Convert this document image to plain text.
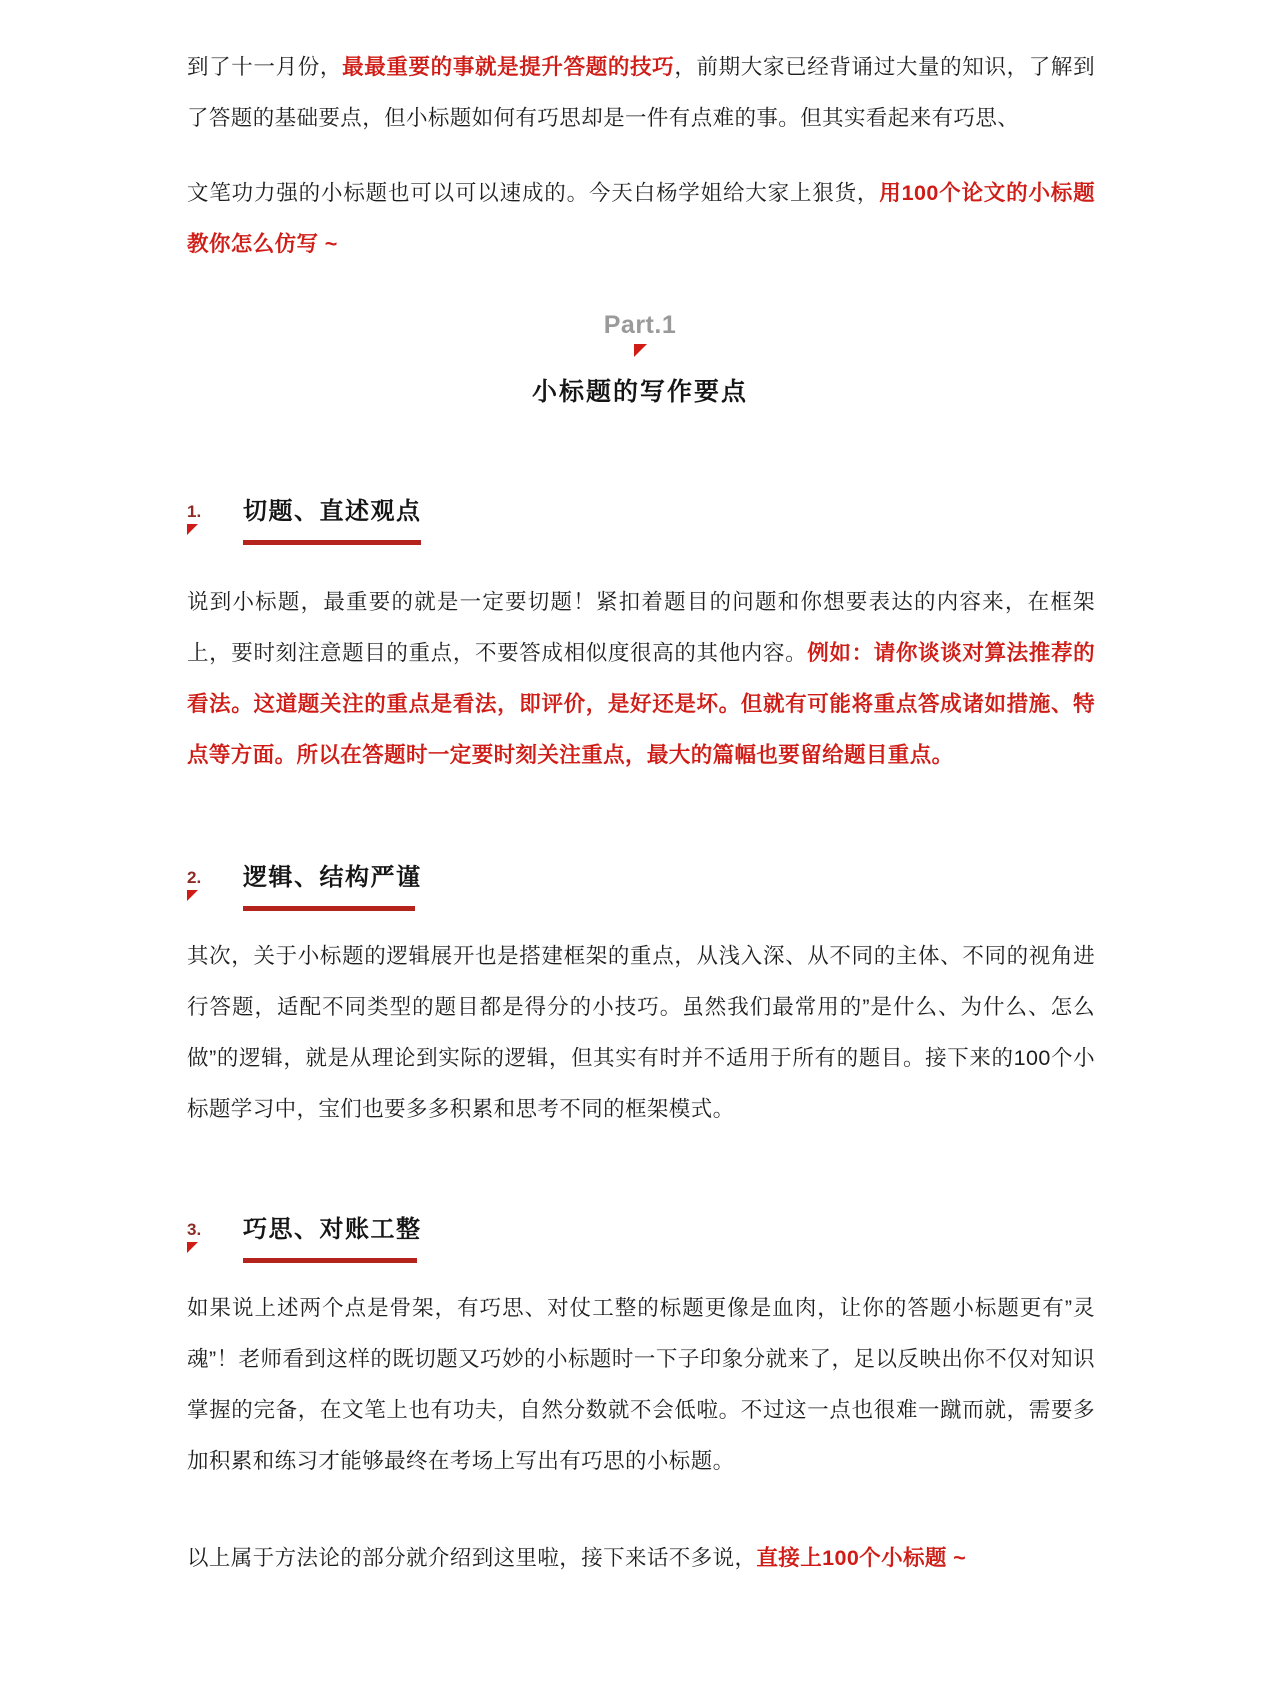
到了十一月份，最最重要的事就是提升答题的技巧，前期大家已经背诵过大量的知识，了解到了答题的基础要点，但小标题如何有巧思却是一件有点难的事。但其实看起来有巧思、

文笔功力强的小标题也可以可以速成的。今天白杨学姐给大家上狠货，用100个论文的小标题教你怎么仿写 ~

Part.1
小标题的写作要点
1.	切题、直述观点

说到小标题，最重要的就是一定要切题！紧扣着题目的问题和你想要表达的内容来，在框架上，要时刻注意题目的重点，不要答成相似度很高的其他内容。例如：请你谈谈对算法推荐的看法。这道题关注的重点是看法，即评价，是好还是坏。但就有可能将重点答成诸如措施、特点等方面。所以在答题时一定要时刻关注重点，最大的篇幅也要留给题目重点。

2.	逻辑、结构严谨

其次，关于小标题的逻辑展开也是搭建框架的重点，从浅入深、从不同的主体、不同的视角进行答题，适配不同类型的题目都是得分的小技巧。虽然我们最常用的”是什么、为什么、怎么做”的逻辑，就是从理论到实际的逻辑，但其实有时并不适用于所有的题目。接下来的100个小标题学习中，宝们也要多多积累和思考不同的框架模式。

3.	巧思、对账工整

如果说上述两个点是骨架，有巧思、对仗工整的标题更像是血肉，让你的答题小标题更有”灵魂”！老师看到这样的既切题又巧妙的小标题时一下子印象分就来了，足以反映出你不仅对知识掌握的完备，在文笔上也有功夫，自然分数就不会低啦。不过这一点也很难一蹴而就，需要多加积累和练习才能够最终在考场上写出有巧思的小标题。

以上属于方法论的部分就介绍到这里啦，接下来话不多说，直接上100个小标题 ~
